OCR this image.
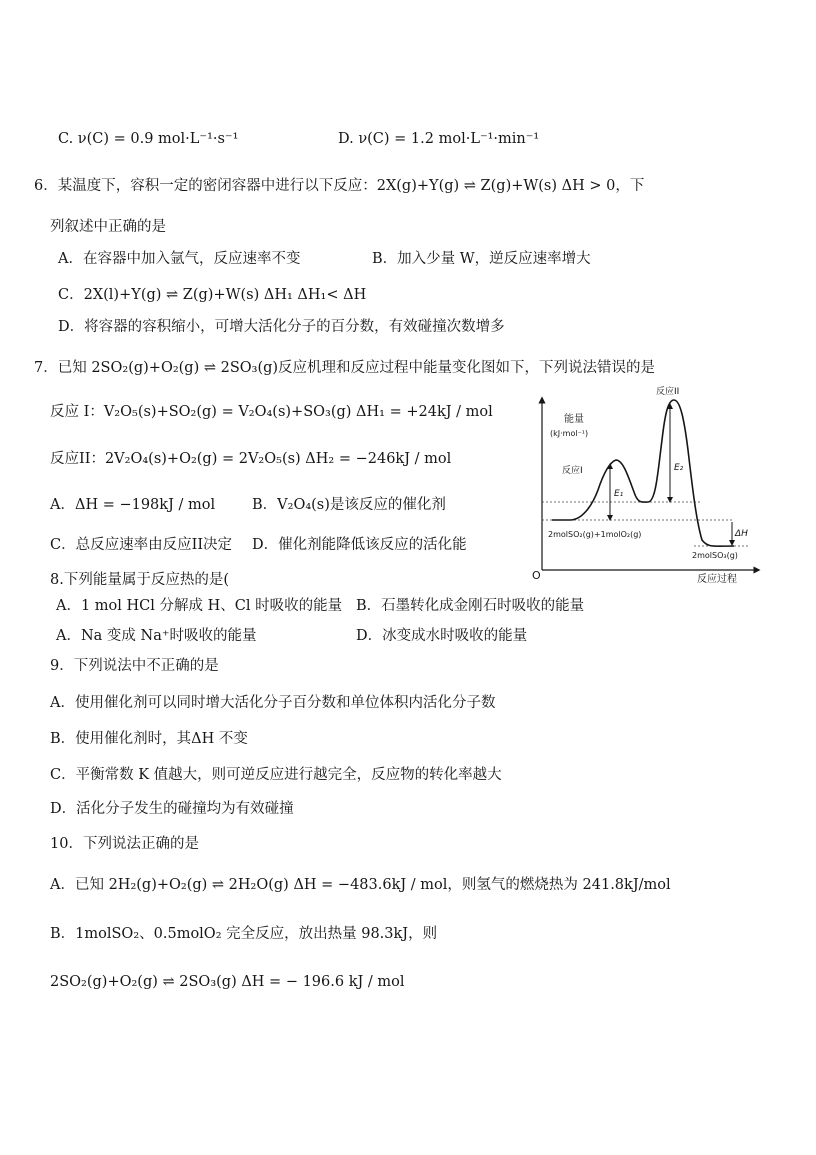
C. ν(C) = 0.9 mol·L⁻¹·s⁻¹	D. ν(C) = 1.2 mol·L⁻¹·min⁻¹
6．某温度下，容积一定的密闭容器中进行以下反应：2X(g)+Y(g) ⇌ Z(g)+W(s) ΔH > 0，下
列叙述中正确的是
A．在容器中加入氩气，反应速率不变	B．加入少量 W，逆反应速率增大
C．2X(l)+Y(g) ⇌ Z(g)+W(s) ΔH₁ ΔH₁< ΔH
D．将容器的容积缩小，可增大活化分子的百分数，有效碰撞次数增多
7．已知 2SO₂(g)+O₂(g) ⇌ 2SO₃(g)反应机理和反应过程中能量变化图如下，下列说法错误的是
反应 I：V₂O₅(s)+SO₂(g) = V₂O₄(s)+SO₃(g) ΔH₁ = +24kJ / mol
反应II：2V₂O₄(s)+O₂(g) = 2V₂O₅(s) ΔH₂ = −246kJ / mol
A．ΔH = −198kJ / mol	B．V₂O₄(s)是该反应的催化剂
C．总反应速率由反应II决定 D．催化剂能降低该反应的活化能
O
能量
(kJ·mol⁻¹)
反应过程
E₁
E₂
ΔH
反应I
反应II
2molSO₂(g)+1molO₂(g)
2molSO₃(g)
8.下列能量属于反应热的是(
A．1 mol HCl 分解成 H、Cl 时吸收的能量 B．石墨转化成金刚石时吸收的能量
A．Na 变成 Na⁺时吸收的能量	D．冰变成水时吸收的能量
9．下列说法中不正确的是
A．使用催化剂可以同时增大活化分子百分数和单位体积内活化分子数
B．使用催化剂时，其ΔH 不变
C．平衡常数 K 值越大，则可逆反应进行越完全，反应物的转化率越大
D．活化分子发生的碰撞均为有效碰撞
10．下列说法正确的是
A．已知 2H₂(g)+O₂(g) ⇌ 2H₂O(g) ΔH = −483.6kJ / mol，则氢气的燃烧热为 241.8kJ/mol
B．1molSO₂、0.5molO₂ 完全反应，放出热量 98.3kJ，则
2SO₂(g)+O₂(g) ⇌ 2SO₃(g) ΔH = − 196.6 kJ / mol
